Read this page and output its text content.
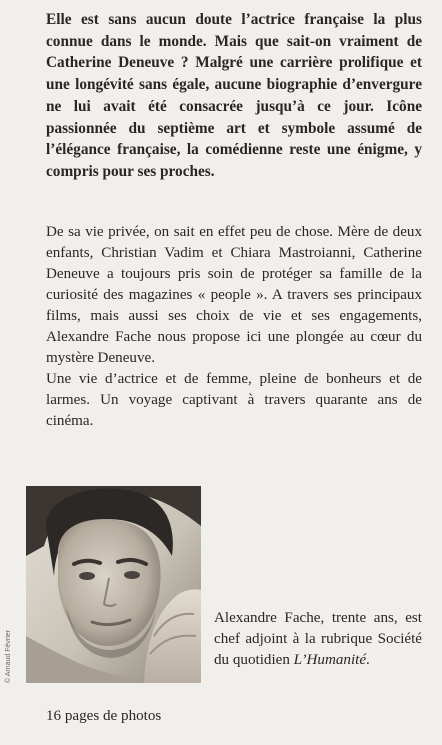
Elle est sans aucun doute l’actrice française la plus connue dans le monde. Mais que sait-on vraiment de Catherine Deneuve ? Malgré une carrière prolifique et une longévité sans égale, aucune biographie d’envergure ne lui avait été consacrée jusqu’à ce jour. Icône passionnée du septième art et symbole assumé de l’élégance française, la comédienne reste une énigme, y compris pour ses proches.

De sa vie privée, on sait en effet peu de chose. Mère de deux enfants, Christian Vadim et Chiara Mastroianni, Catherine Deneuve a toujours pris soin de protéger sa famille de la curiosité des magazines « people ». A travers ses principaux films, mais aussi ses choix de vie et ses engagements, Alexandre Fache nous propose ici une plongée au cœur du mystère Deneuve.

Une vie d’actrice et de femme, pleine de bonheurs et de larmes. Un voyage captivant à travers quarante ans de cinéma.

© Arnaud Février

Alexandre Fache, trente ans, est chef adjoint à la rubrique Société du quotidien L’Humanité.

16 pages de photos
